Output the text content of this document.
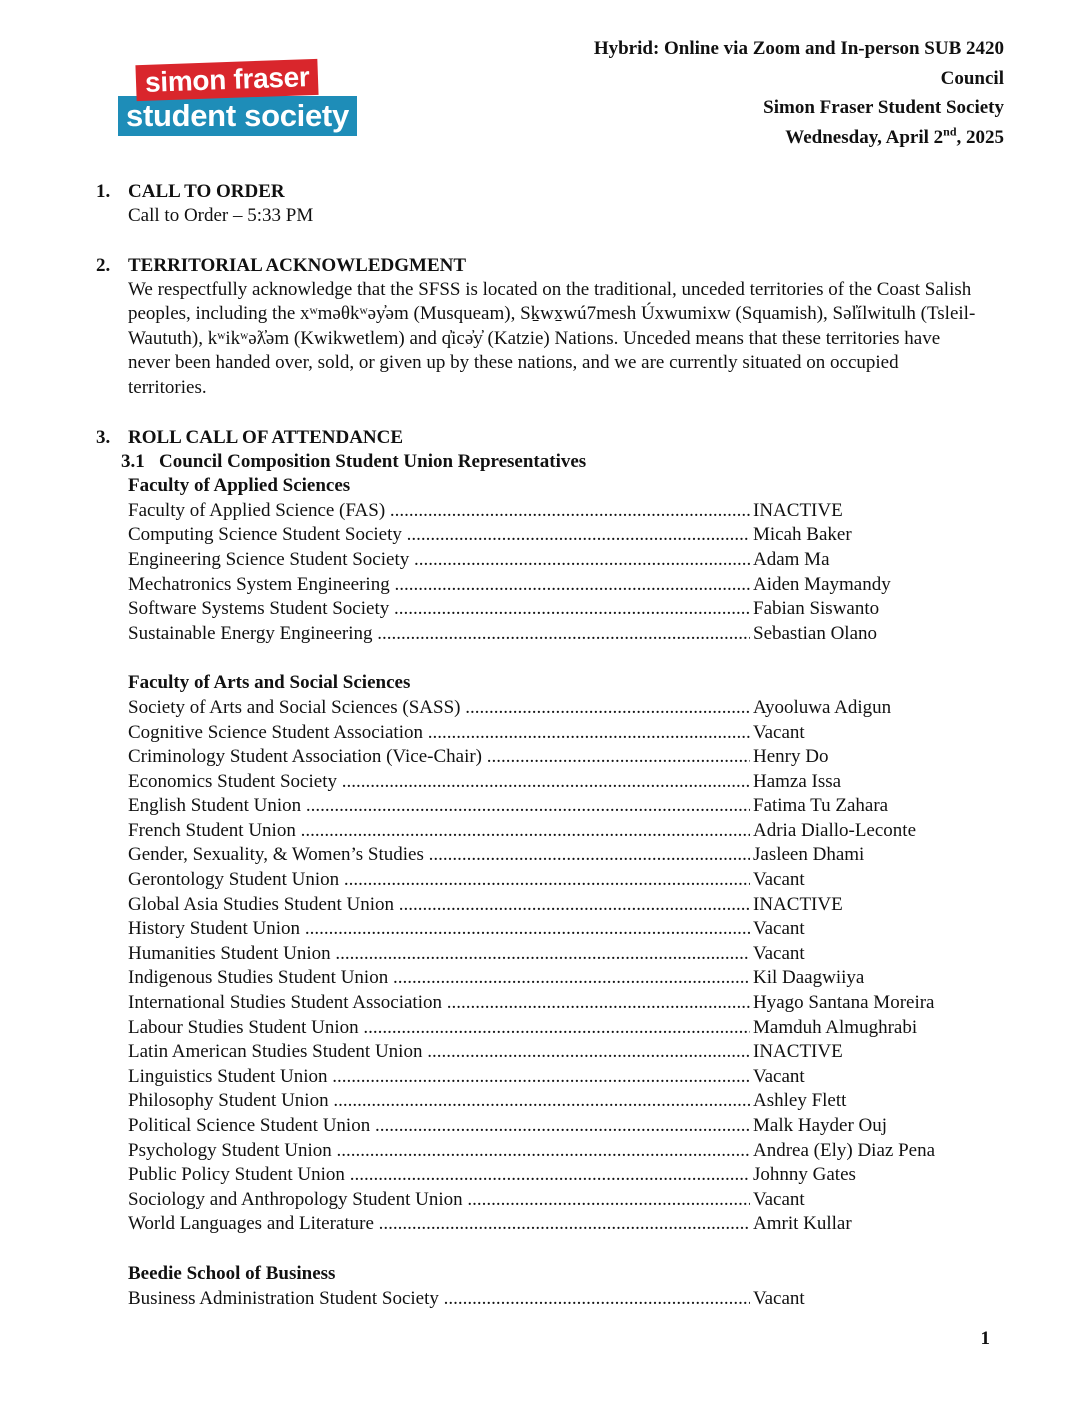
simon fraser
student society
Hybrid: Online via Zoom and In-person SUB 2420
Council
Simon Fraser Student Society
Wednesday, April 2nd, 2025
1. CALL TO ORDER
Call to Order – 5:33 PM
2. TERRITORIAL ACKNOWLEDGMENT
We respectfully acknowledge that the SFSS is located on the traditional, unceded territories of the Coast Salish peoples, including the xʷməθkʷəy̓əm (Musqueam), Sḵwx̱wú7mesh Úxwumixw (Squamish), Səl̓ílwitulh (Tsleil-Waututh), kʷikʷəƛ̓əm (Kwikwetlem) and q̓icə̓y̓ (Katzie) Nations. Unceded means that these territories have never been handed over, sold, or given up by these nations, and we are currently situated on occupied territories.
3. ROLL CALL OF ATTENDANCE
3.1 Council Composition Student Union Representatives
Faculty of Applied Sciences
Faculty of Applied Science (FAS) .....	INACTIVE
Computing Science Student Society .....	Micah Baker
Engineering Science Student Society .....	Adam Ma
Mechatronics System Engineering .....	Aiden Maymandy
Software Systems Student Society .....	Fabian Siswanto
Sustainable Energy Engineering .....	Sebastian Olano
Faculty of Arts and Social Sciences
Society of Arts and Social Sciences (SASS) .....	Ayooluwa Adigun
Cognitive Science Student Association .....	Vacant
Criminology Student Association (Vice-Chair) .....	Henry Do
Economics Student Society .....	Hamza Issa
English Student Union .....	Fatima Tu Zahara
French Student Union .....	Adria Diallo-Leconte
Gender, Sexuality, & Women’s Studies .....	Jasleen Dhami
Gerontology Student Union .....	Vacant
Global Asia Studies Student Union .....	INACTIVE
History Student Union .....	Vacant
Humanities Student Union .....	Vacant
Indigenous Studies Student Union .....	Kil Daagwiiya
International Studies Student Association .....	Hyago Santana Moreira
Labour Studies Student Union .....	Mamduh Almughrabi
Latin American Studies Student Union .....	INACTIVE
Linguistics Student Union .....	Vacant
Philosophy Student Union .....	Ashley Flett
Political Science Student Union .....	Malk Hayder Ouj
Psychology Student Union .....	Andrea (Ely) Diaz Pena
Public Policy Student Union .....	Johnny Gates
Sociology and Anthropology Student Union .....	Vacant
World Languages and Literature .....	Amrit Kullar
Beedie School of Business
Business Administration Student Society .....	Vacant
1
